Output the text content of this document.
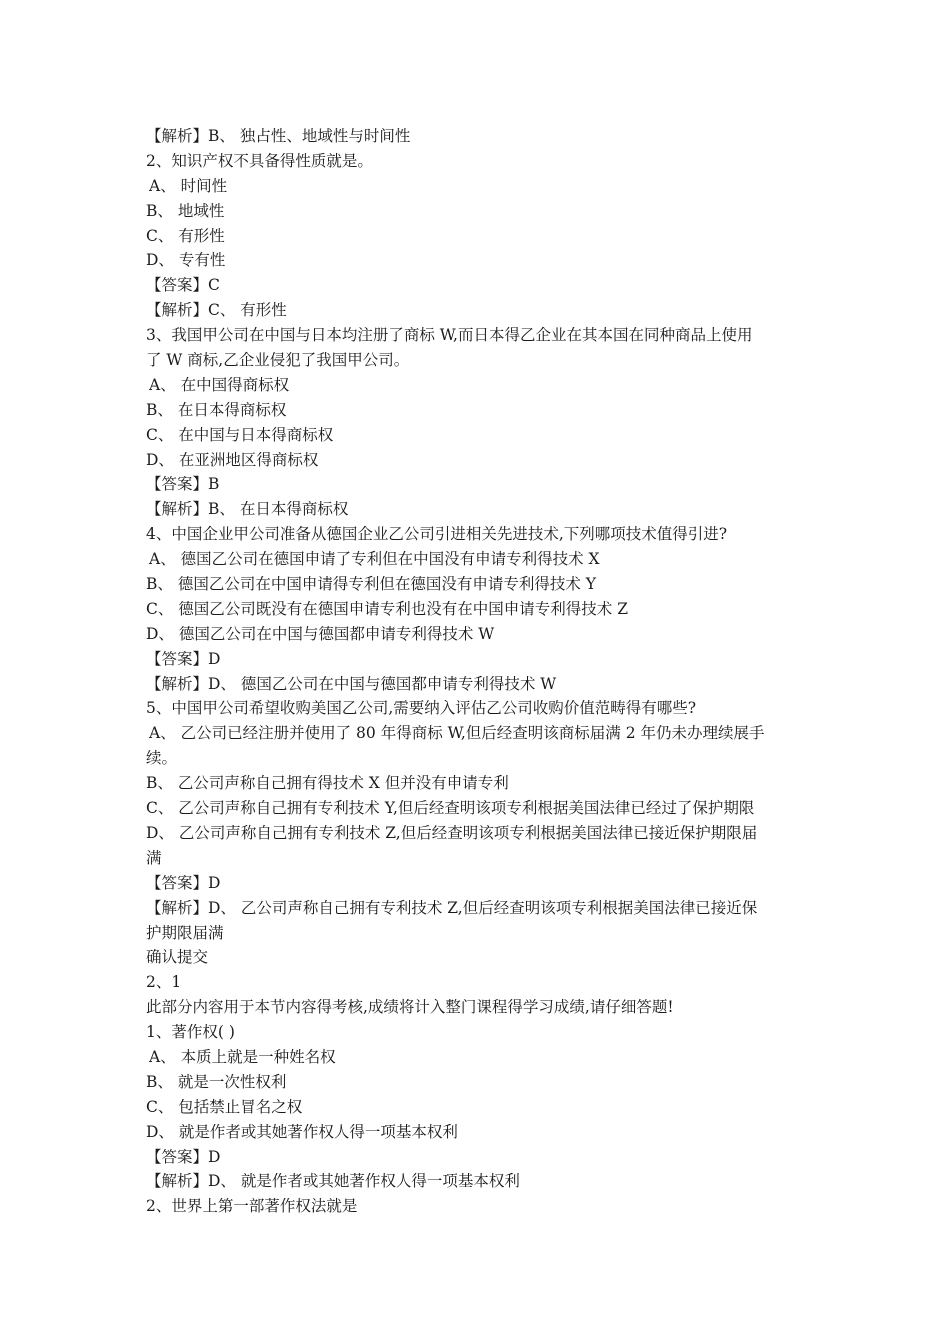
【解析】B、 独占性、地域性与时间性
2、知识产权不具备得性质就是。
A、 时间性
B、 地域性
C、 有形性
D、 专有性
【答案】C
【解析】C、 有形性
3、我国甲公司在中国与日本均注册了商标 W,而日本得乙企业在其本国在同种商品上使用
了 W 商标,乙企业侵犯了我国甲公司。
A、 在中国得商标权
B、 在日本得商标权
C、 在中国与日本得商标权
D、 在亚洲地区得商标权
【答案】B
【解析】B、 在日本得商标权
4、中国企业甲公司准备从德国企业乙公司引进相关先进技术,下列哪项技术值得引进?
A、 德国乙公司在德国申请了专利但在中国没有申请专利得技术 X
B、 德国乙公司在中国申请得专利但在德国没有申请专利得技术 Y
C、 德国乙公司既没有在德国申请专利也没有在中国申请专利得技术 Z
D、 德国乙公司在中国与德国都申请专利得技术 W
【答案】D
【解析】D、 德国乙公司在中国与德国都申请专利得技术 W
5、中国甲公司希望收购美国乙公司,需要纳入评估乙公司收购价值范畴得有哪些?
A、 乙公司已经注册并使用了 80 年得商标 W,但后经查明该商标届满 2 年仍未办理续展手
续。
B、 乙公司声称自己拥有得技术 X 但并没有申请专利
C、 乙公司声称自己拥有专利技术 Y,但后经查明该项专利根据美国法律已经过了保护期限
D、 乙公司声称自己拥有专利技术 Z,但后经查明该项专利根据美国法律已接近保护期限届
满
【答案】D
【解析】D、 乙公司声称自己拥有专利技术 Z,但后经查明该项专利根据美国法律已接近保
护期限届满
确认提交
2、1
此部分内容用于本节内容得考核,成绩将计入整门课程得学习成绩,请仔细答题!
1、著作权( )
A、 本质上就是一种姓名权
B、 就是一次性权利
C、 包括禁止冒名之权
D、 就是作者或其她著作权人得一项基本权利
【答案】D
【解析】D、 就是作者或其她著作权人得一项基本权利
2、世界上第一部著作权法就是
